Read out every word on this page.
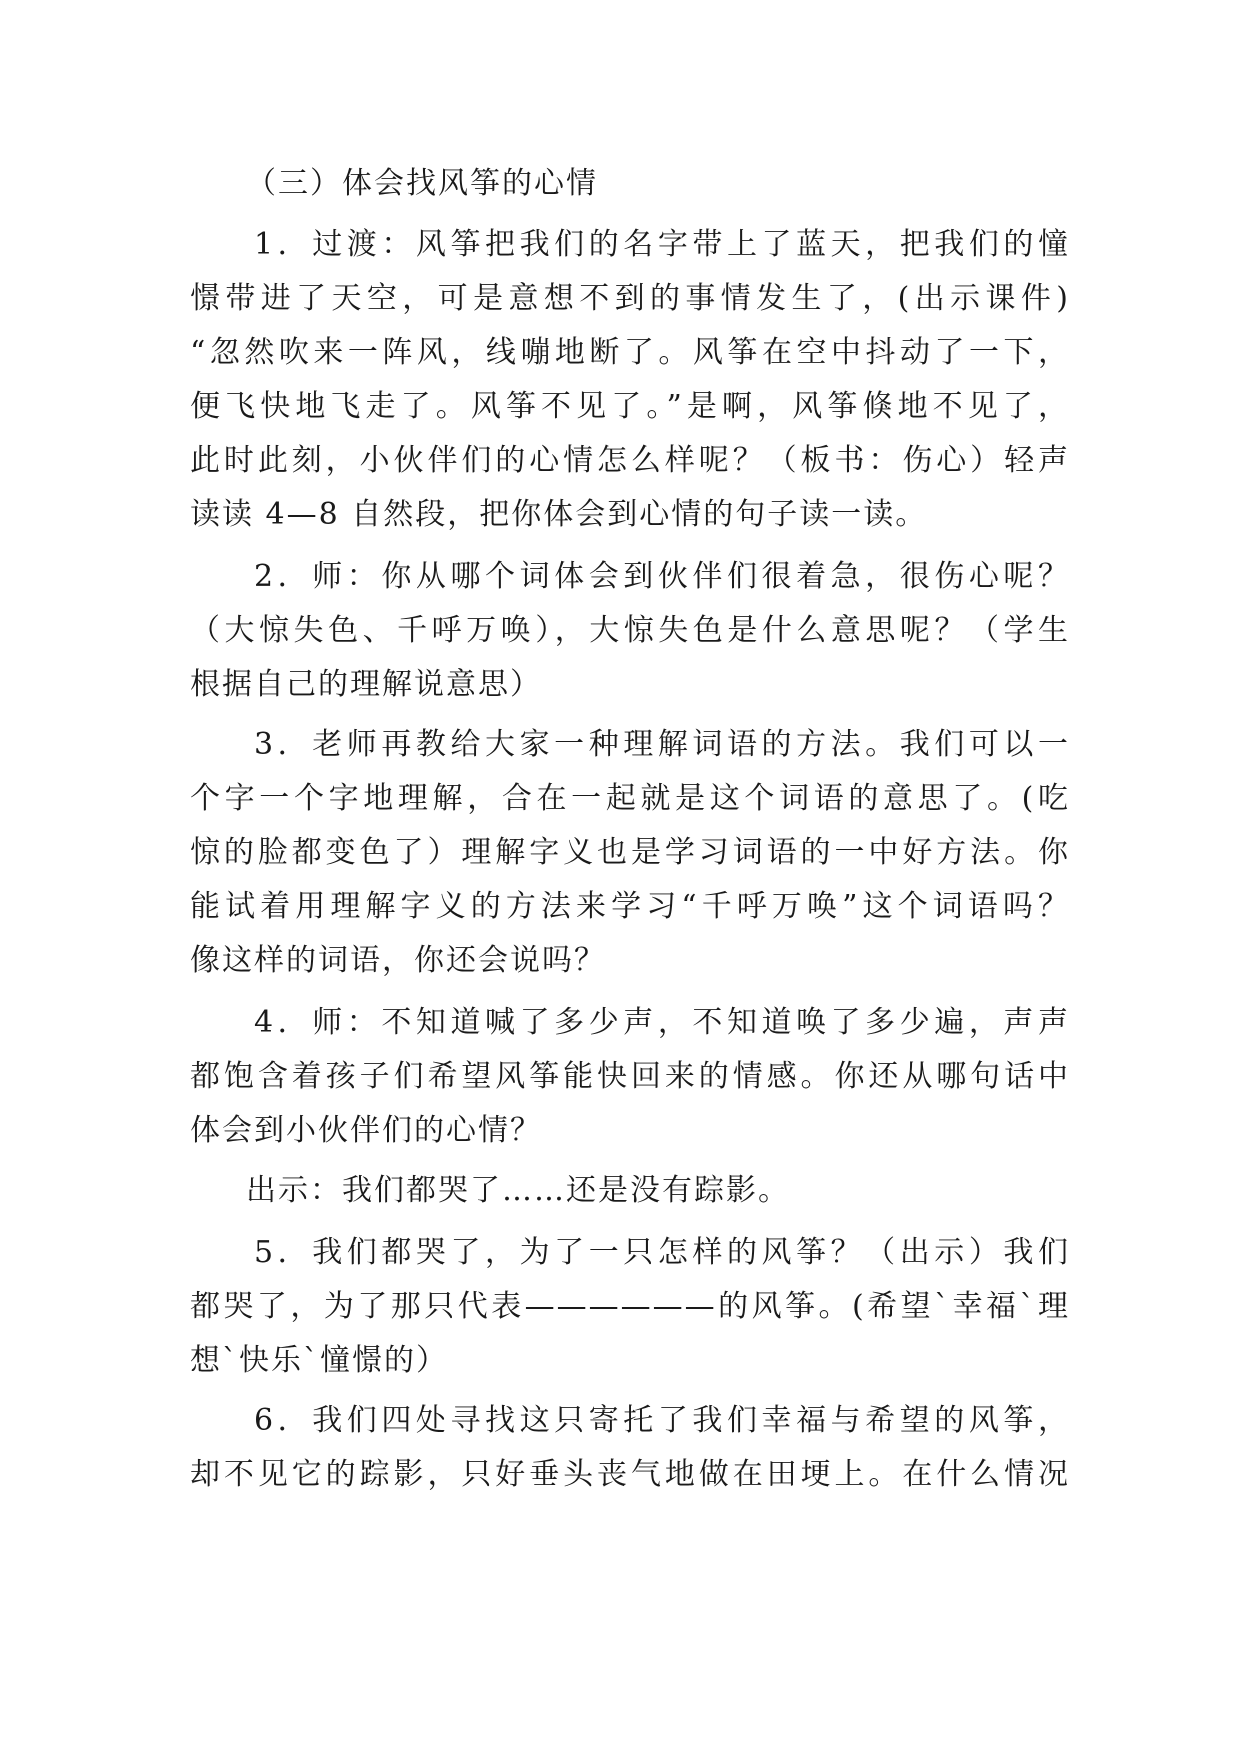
（三）体会找风筝的心情
1．过渡：风筝把我们的名字带上了蓝天，把我们的憧
憬带进了天空，可是意想不到的事情发生了，(出示课件)
“忽然吹来一阵风，线嘣地断了。风筝在空中抖动了一下，
便飞快地飞走了。风筝不见了。”是啊，风筝倏地不见了，
此时此刻，小伙伴们的心情怎么样呢？（板书：伤心）轻声
读读 4—8 自然段，把你体会到心情的句子读一读。
2．师：你从哪个词体会到伙伴们很着急，很伤心呢？
（大惊失色、千呼万唤），大惊失色是什么意思呢？（学生
根据自己的理解说意思）
3．老师再教给大家一种理解词语的方法。我们可以一
个字一个字地理解，合在一起就是这个词语的意思了。(吃
惊的脸都变色了）理解字义也是学习词语的一中好方法。你
能试着用理解字义的方法来学习“千呼万唤”这个词语吗？
像这样的词语，你还会说吗？
4．师：不知道喊了多少声，不知道唤了多少遍，声声
都饱含着孩子们希望风筝能快回来的情感。你还从哪句话中
体会到小伙伴们的心情？
出示：我们都哭了……还是没有踪影。
5．我们都哭了，为了一只怎样的风筝？（出示）我们
都哭了，为了那只代表——————的风筝。(希望`幸福`理
想`快乐`憧憬的）
6．我们四处寻找这只寄托了我们幸福与希望的风筝，
却不见它的踪影，只好垂头丧气地做在田埂上。在什么情况
